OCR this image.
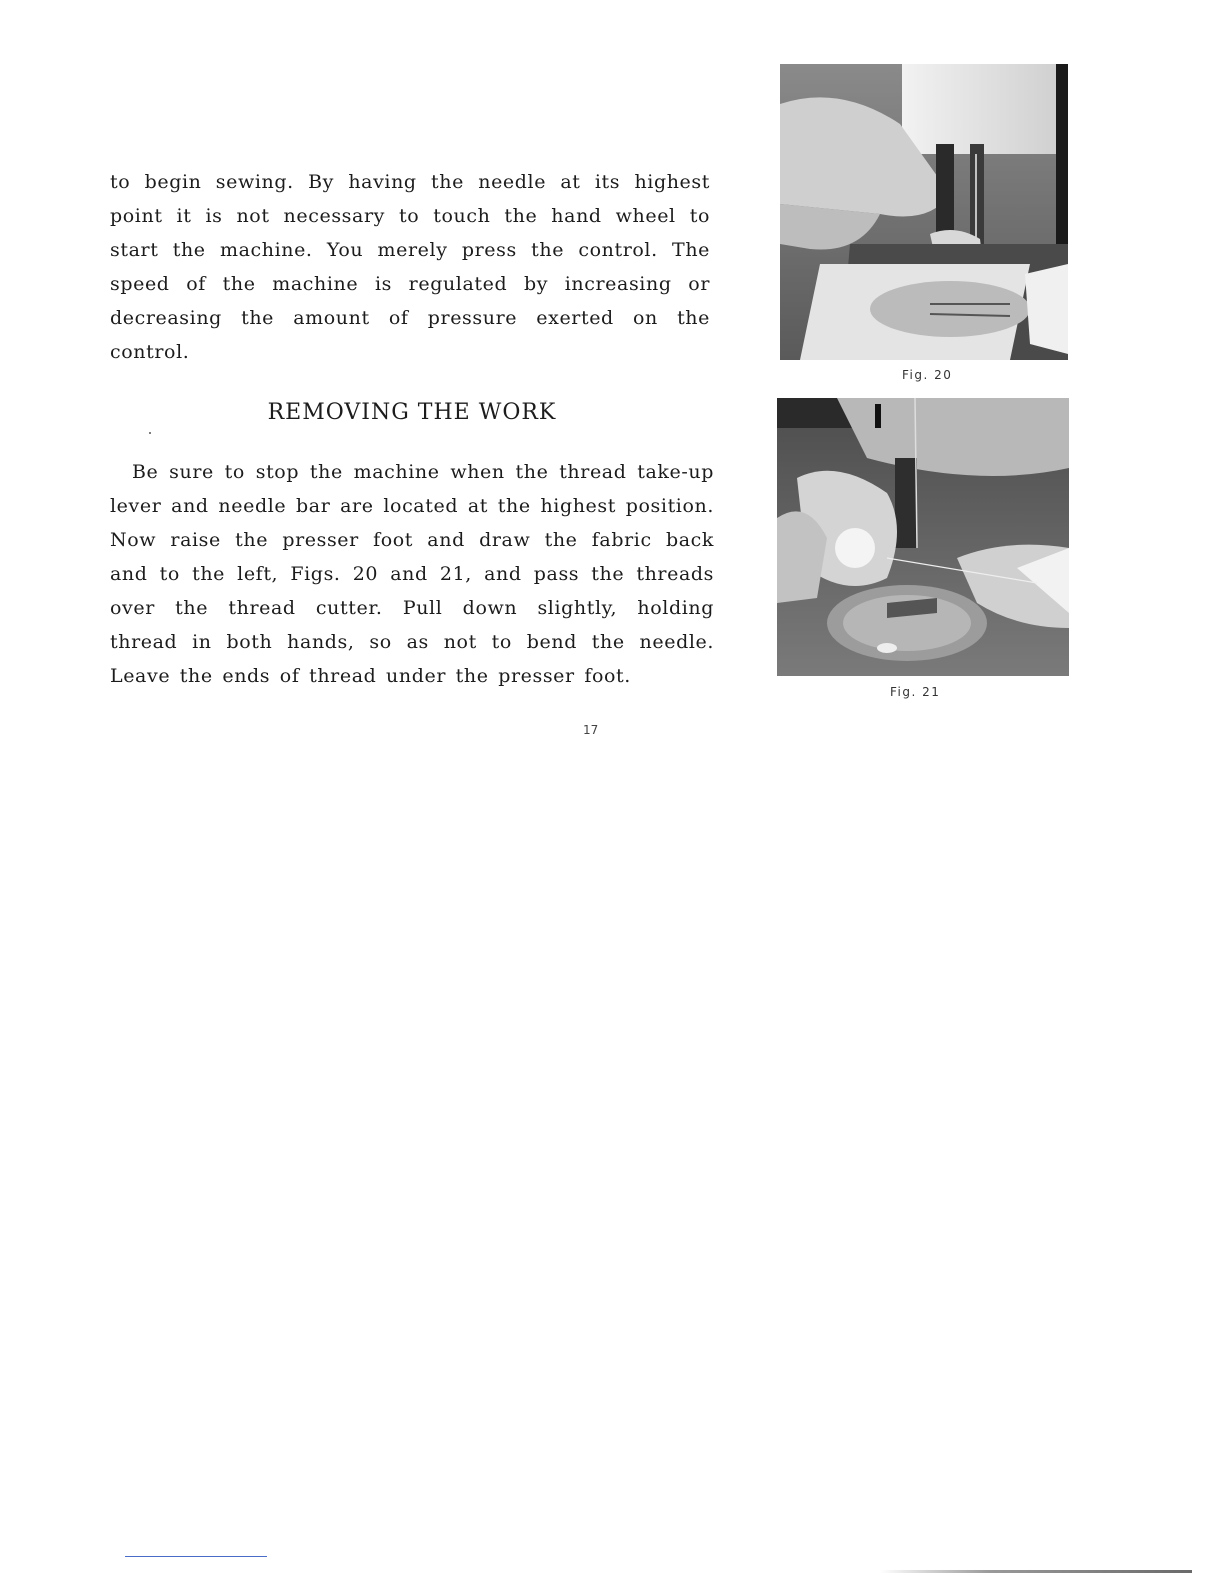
to begin sewing. By having the needle at its highest point it is not necessary to touch the hand wheel to start the machine. You merely press the control. The speed of the machine is regulated by increasing or decreasing the amount of pressure exerted on the control.

REMOVING THE WORK

Be sure to stop the machine when the thread take-up lever and needle bar are located at the highest position. Now raise the presser foot and draw the fabric back and to the left, Figs. 20 and 21, and pass the threads over the thread cutter. Pull down slightly, holding thread in both hands, so as not to bend the needle. Leave the ends of thread under the presser foot.

Fig. 20
Fig. 21
17
